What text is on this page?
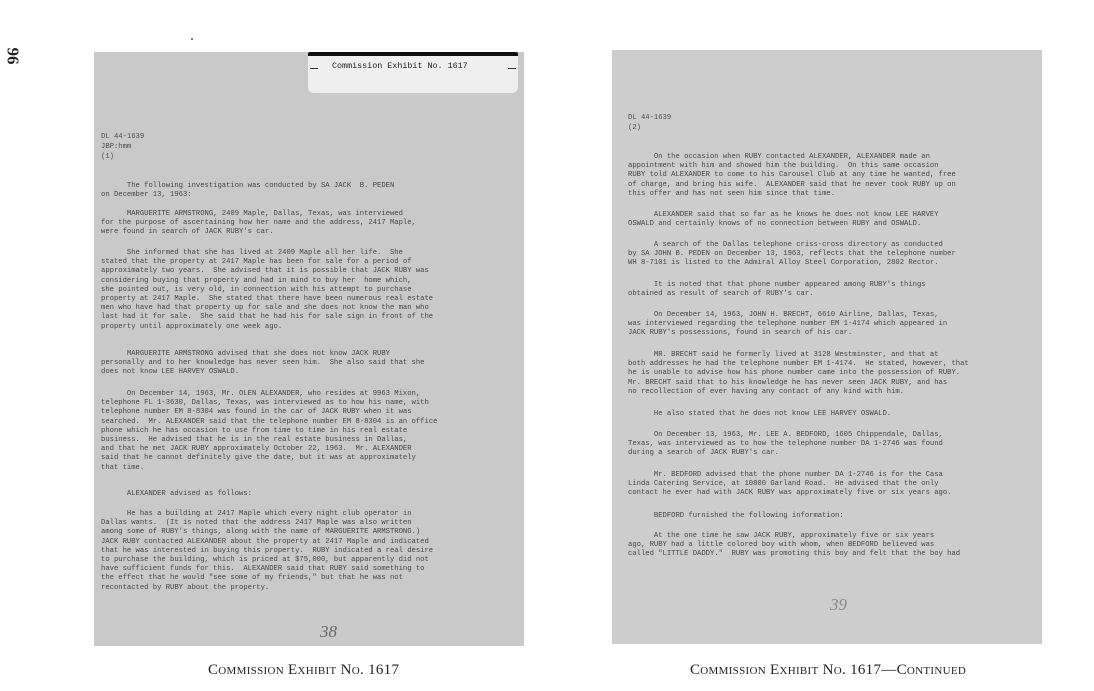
96
Commission Exhibit No. 1617
DL 44-1639
JBP:hmm
(1)
The following investigation was conducted by SA JACK  B. PEDEN
on December 13, 1963:
MARGUERITE ARMSTRONG, 2409 Maple, Dallas, Texas, was interviewed
for the purpose of ascertaining how her name and the address, 2417 Maple,
were found in search of JACK RUBY's car.
She informed that she has lived at 2409 Maple all her life.  She
stated that the property at 2417 Maple has been for sale for a period of
approximately two years.  She advised that it is possible that JACK RUBY was
considering buying that property and had in mind to buy her  home which,
she pointed out, is very old, in connection with his attempt to purchase
property at 2417 Maple.  She stated that there have been numerous real estate
men who have had that property up for sale and she does not know the man who
last had it for sale.  She said that he had his for sale sign in front of the
property until approximately one week ago.
MARGUERITE ARMSTRONG advised that she does not know JACK RUBY
personally and to her knowledge has never seen him.  She also said that she
does not know LEE HARVEY OSWALD.
On December 14, 1963, Mr. OLEN ALEXANDER, who resides at 9963 Mixon,
telephone FL 1-3630, Dallas, Texas, was interviewed as to how his name, with
telephone number EM 8-8304 was found in the car of JACK RUBY when it was
searched.  Mr. ALEXANDER said that the telephone number EM 8-8304 is an office
phone which he has occasion to use from time to time in his real estate
business.  He advised that he is in the real estate business in Dallas,
and that he met JACK RUBY approximately October 22, 1963.  Mr. ALEXANDER
said that he cannot definitely give the date, but it was at approximately
that time.
ALEXANDER advised as follows:
He has a building at 2417 Maple which every night club operator in
Dallas wants.  (It is noted that the address 2417 Maple was also written
among some of RUBY's things, along with the name of MARGUERITE ARMSTRONG.)
JACK RUBY contacted ALEXANDER about the property at 2417 Maple and indicated
that he was interested in buying this property.  RUBY indicated a real desire
to purchase the building, which is priced at $75,000, but apparently did not
have sufficient funds for this.  ALEXANDER said that RUBY said something to
the effect that he would "see some of my friends," but that he was not
recontacted by RUBY about the property.
38
DL 44-1639
(2)
On the occasion when RUBY contacted ALEXANDER, ALEXANDER made an
appointment with him and showed him the building.  On this same occasion
RUBY told ALEXANDER to come to his Carousel Club at any time he wanted, free
of charge, and bring his wife.  ALEXANDER said that he never took RUBY up on
this offer and has not seen him since that time.
ALEXANDER said that so far as he knows he does not know LEE HARVEY
OSWALD and certainly knows of no connection between RUBY and OSWALD.
A search of the Dallas telephone criss-cross directory as conducted
by SA JOHN B. PEDEN on December 13, 1963, reflects that the telephone number
WH 8-7101 is listed to the Admiral Alloy Steel Corporation, 2802 Rector.
It is noted that that phone number appeared among RUBY's things
obtained as result of search of RUBY's car.
On December 14, 1963, JOHN H. BRECHT, 6610 Airline, Dallas, Texas,
was interviewed regarding the telephone number EM 1-4174 which appeared in
JACK RUBY's possessions, found in search of his car.
MR. BRECHT said he formerly lived at 3128 Westminster, and that at
both addresses he had the telephone number EM 1-4174.  He stated, however, that
he is unable to advise how his phone number came into the possession of RUBY.
Mr. BRECHT said that to his knowledge he has never seen JACK RUBY, and has
no recollection of ever having any contact of any kind with him.
He also stated that he does not know LEE HARVEY OSWALD.
On December 13, 1963, Mr. LEE A. BEDFORD, 1605 Chippendale, Dallas,
Texas, was interviewed as to how the telephone number DA 1-2746 was found
during a search of JACK RUBY's car.
Mr. BEDFORD advised that the phone number DA 1-2746 is for the Casa
Linda Catering Service, at 10800 Garland Road.  He advised that the only
contact he ever had with JACK RUBY was approximately five or six years ago.
BEDFORD furnished the following information:
At the one time he saw JACK RUBY, approximately five or six years
ago, RUBY had a little colored boy with whom, when BEDFORD believed was
called "LITTLE DADDY."  RUBY was promoting this boy and felt that the boy had
39
Commission Exhibit No. 1617	Commission Exhibit No. 1617—Continued
